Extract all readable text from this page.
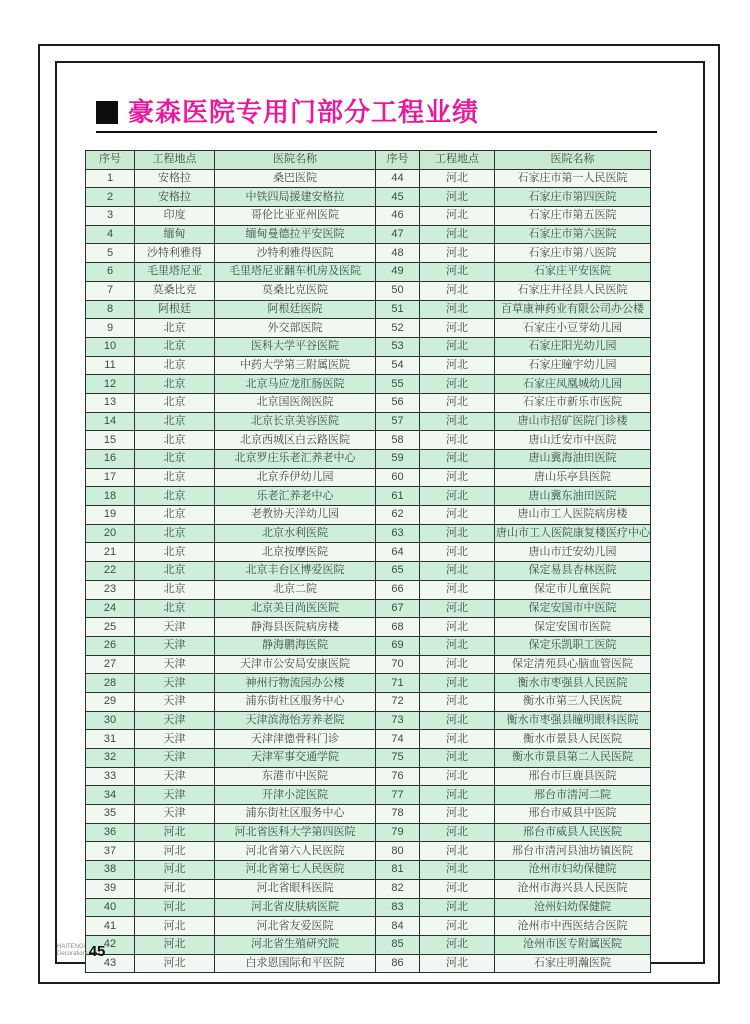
豪森医院专用门部分工程业绩
序号	工程地点	医院名称
1	安格拉	桑巴医院
2	安格拉	中铁四局援建安格拉
3	印度	哥伦比亚亚州医院
4	缅甸	缅甸曼德拉平安医院
5	沙特利雅得	沙特利雅得医院
6	毛里塔尼亚	毛里塔尼亚翻车机房及医院
7	莫桑比克	莫桑比克医院
8	阿根廷	阿根廷医院
9	北京	外交部医院
10	北京	医科大学平谷医院
11	北京	中药大学第三附属医院
12	北京	北京马应龙肛肠医院
13	北京	北京国医阁医院
14	北京	北京长京美容医院
15	北京	北京西城区白云路医院
16	北京	北京罗庄乐老汇养老中心
17	北京	北京乔伊幼儿园
18	北京	乐老汇养老中心
19	北京	老教协天洋幼儿园
20	北京	北京水利医院
21	北京	北京按摩医院
22	北京	北京丰台区博爱医院
23	北京	北京二院
24	北京	北京美目尚医医院
25	天津	静海县医院病房楼
26	天津	静海鹏海医院
27	天津	天津市公安局安康医院
28	天津	神州行物流园办公楼
29	天津	浦东街社区服务中心
30	天津	天津滨海怡芳养老院
31	天津	天津津德骨科门诊
32	天津	天津军事交通学院
33	天津	东港市中医院
34	天津	开津小淀医院
35	天津	浦东街社区服务中心
36	河北	河北省医科大学第四医院
37	河北	河北省第六人民医院
38	河北	河北省第七人民医院
39	河北	河北省眼科医院
40	河北	河北省皮肤病医院
41	河北	河北省友爱医院
42	河北	河北省生殖研究院
43	河北	白求恩国际和平医院
序号	工程地点	医院名称
44	河北	石家庄市第一人民医院
45	河北	石家庄市第四医院
46	河北	石家庄市第五医院
47	河北	石家庄市第六医院
48	河北	石家庄市第八医院
49	河北	石家庄平安医院
50	河北	石家庄井径县人民医院
51	河北	百草康神药业有限公司办公楼
52	河北	石家庄小豆芽幼儿园
53	河北	石家庄阳光幼儿园
54	河北	石家庄瞳宇幼儿园
55	河北	石家庄凤凰城幼儿园
56	河北	石家庄市新乐市医院
57	河北	唐山市招矿医院门诊楼
58	河北	唐山迁安市中医院
59	河北	唐山冀海油田医院
60	河北	唐山乐亭县医院
61	河北	唐山冀东油田医院
62	河北	唐山市工人医院病房楼
63	河北	唐山市工人医院康复楼医疗中心
64	河北	唐山市迁安幼儿园
65	河北	保定易县杏林医院
66	河北	保定市儿童医院
67	河北	保定安国市中医院
68	河北	保定安国市医院
69	河北	保定乐凯职工医院
70	河北	保定清苑县心脑血管医院
71	河北	衡水市枣强县人民医院
72	河北	衡水市第三人民医院
73	河北	衡水市枣强县瞳明眼科医院
74	河北	衡水市景县人民医院
75	河北	衡水市景县第二人民医院
76	河北	邢台市巨鹿县医院
77	河北	邢台市清河二院
78	河北	邢台市威县中医院
79	河北	邢台市威县人民医院
80	河北	邢台市清河县油坊镇医院
81	河北	沧州市妇幼保健院
82	河北	沧州市海兴县人民医院
83	河北	沧州妇幼保健院
84	河北	沧州市中西医结合医院
85	河北	沧州市医专附属医院
86	河北	石家庄明瀚医院
HAITENG\
Decoration\ 45
